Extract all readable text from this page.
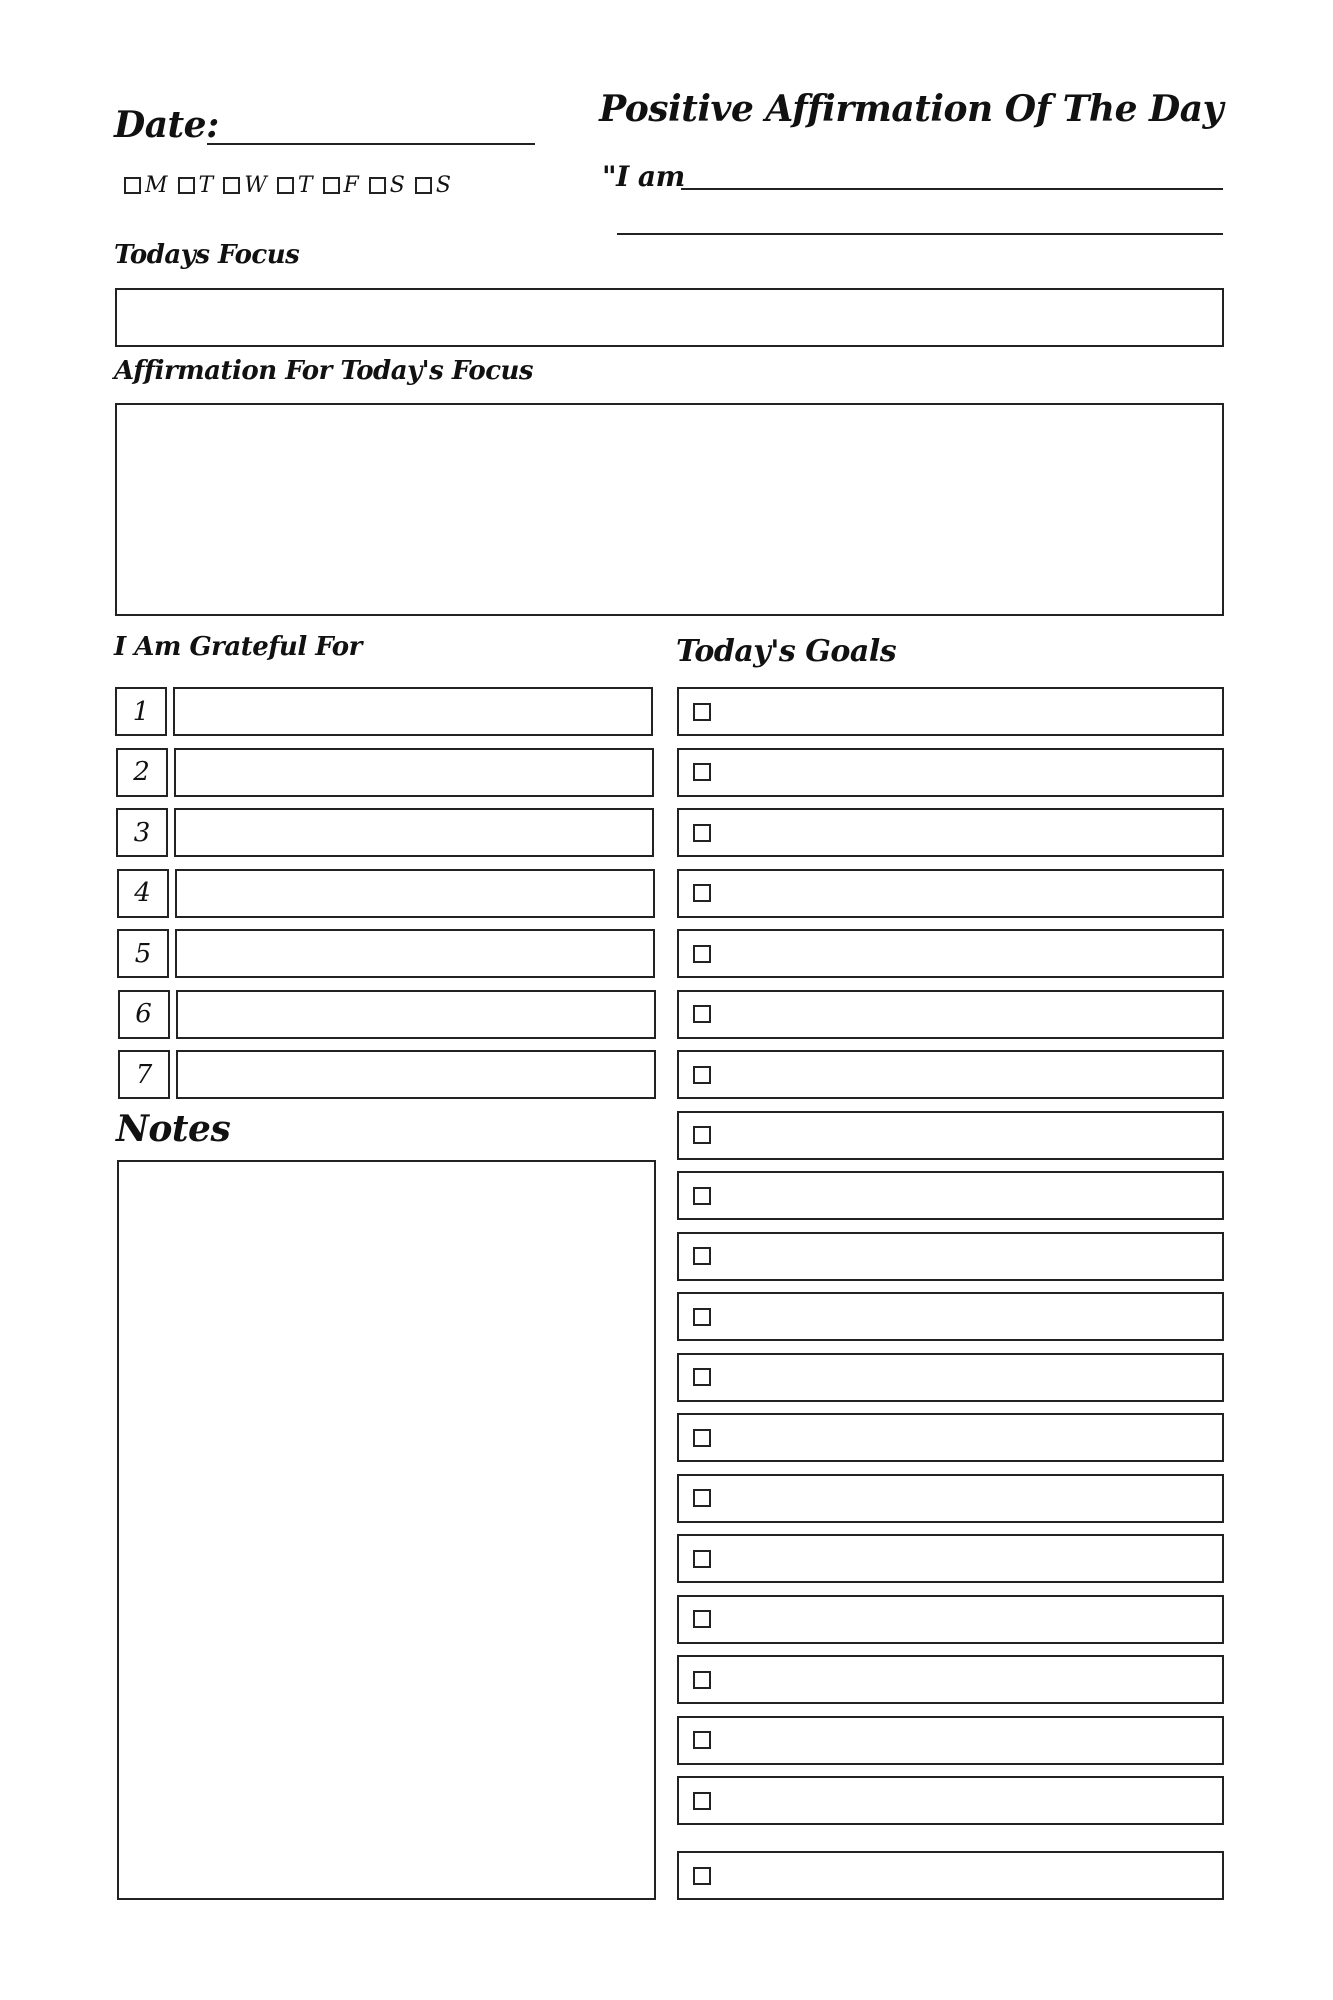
Date:
M T W T F S S
Positive Affirmation Of The Day
"I am
Todays Focus
Affirmation For Today's Focus
I Am Grateful For
1
2
3
4
5
6
7
Today's Goals
Notes
